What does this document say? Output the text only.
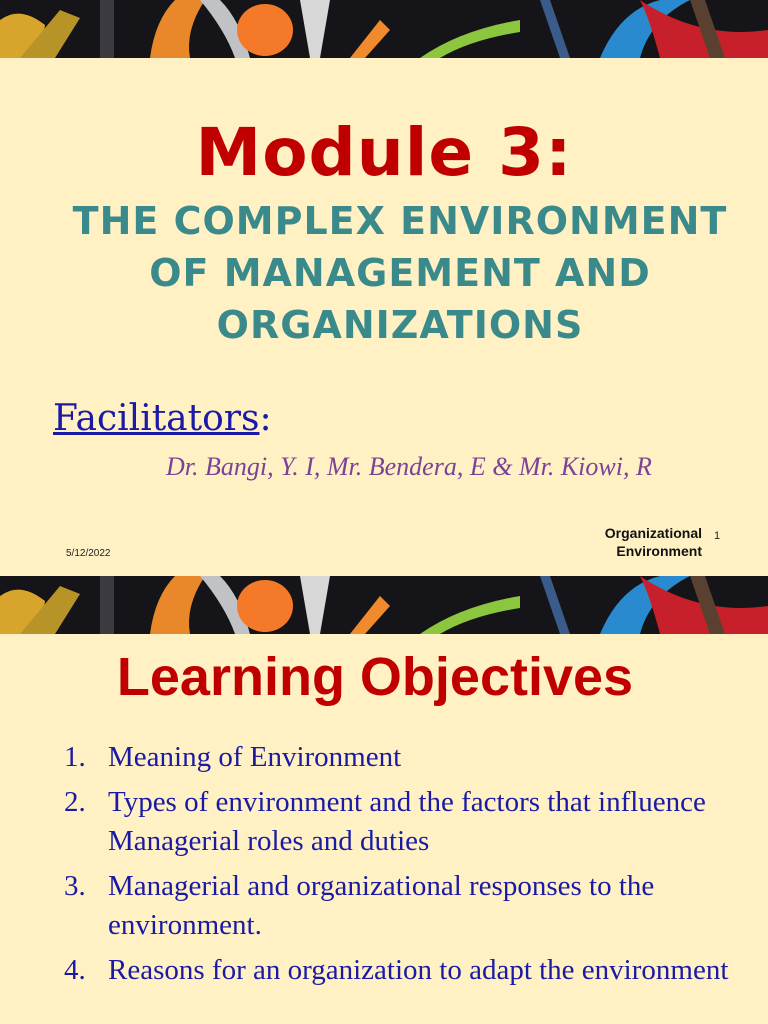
Module 3:
THE COMPLEX ENVIRONMENT
OF MANAGEMENT AND
ORGANIZATIONS
Facilitators:
Dr. Bangi, Y. I, Mr. Bendera, E & Mr. Kiowi, R
5/12/2022
Organizational
Environment
1
Learning Objectives
1. Meaning of Environment
2. Types of environment and the factors that influence Managerial roles and duties
3. Managerial and organizational responses to the environment.
4. Reasons for an organization to adapt the environment
